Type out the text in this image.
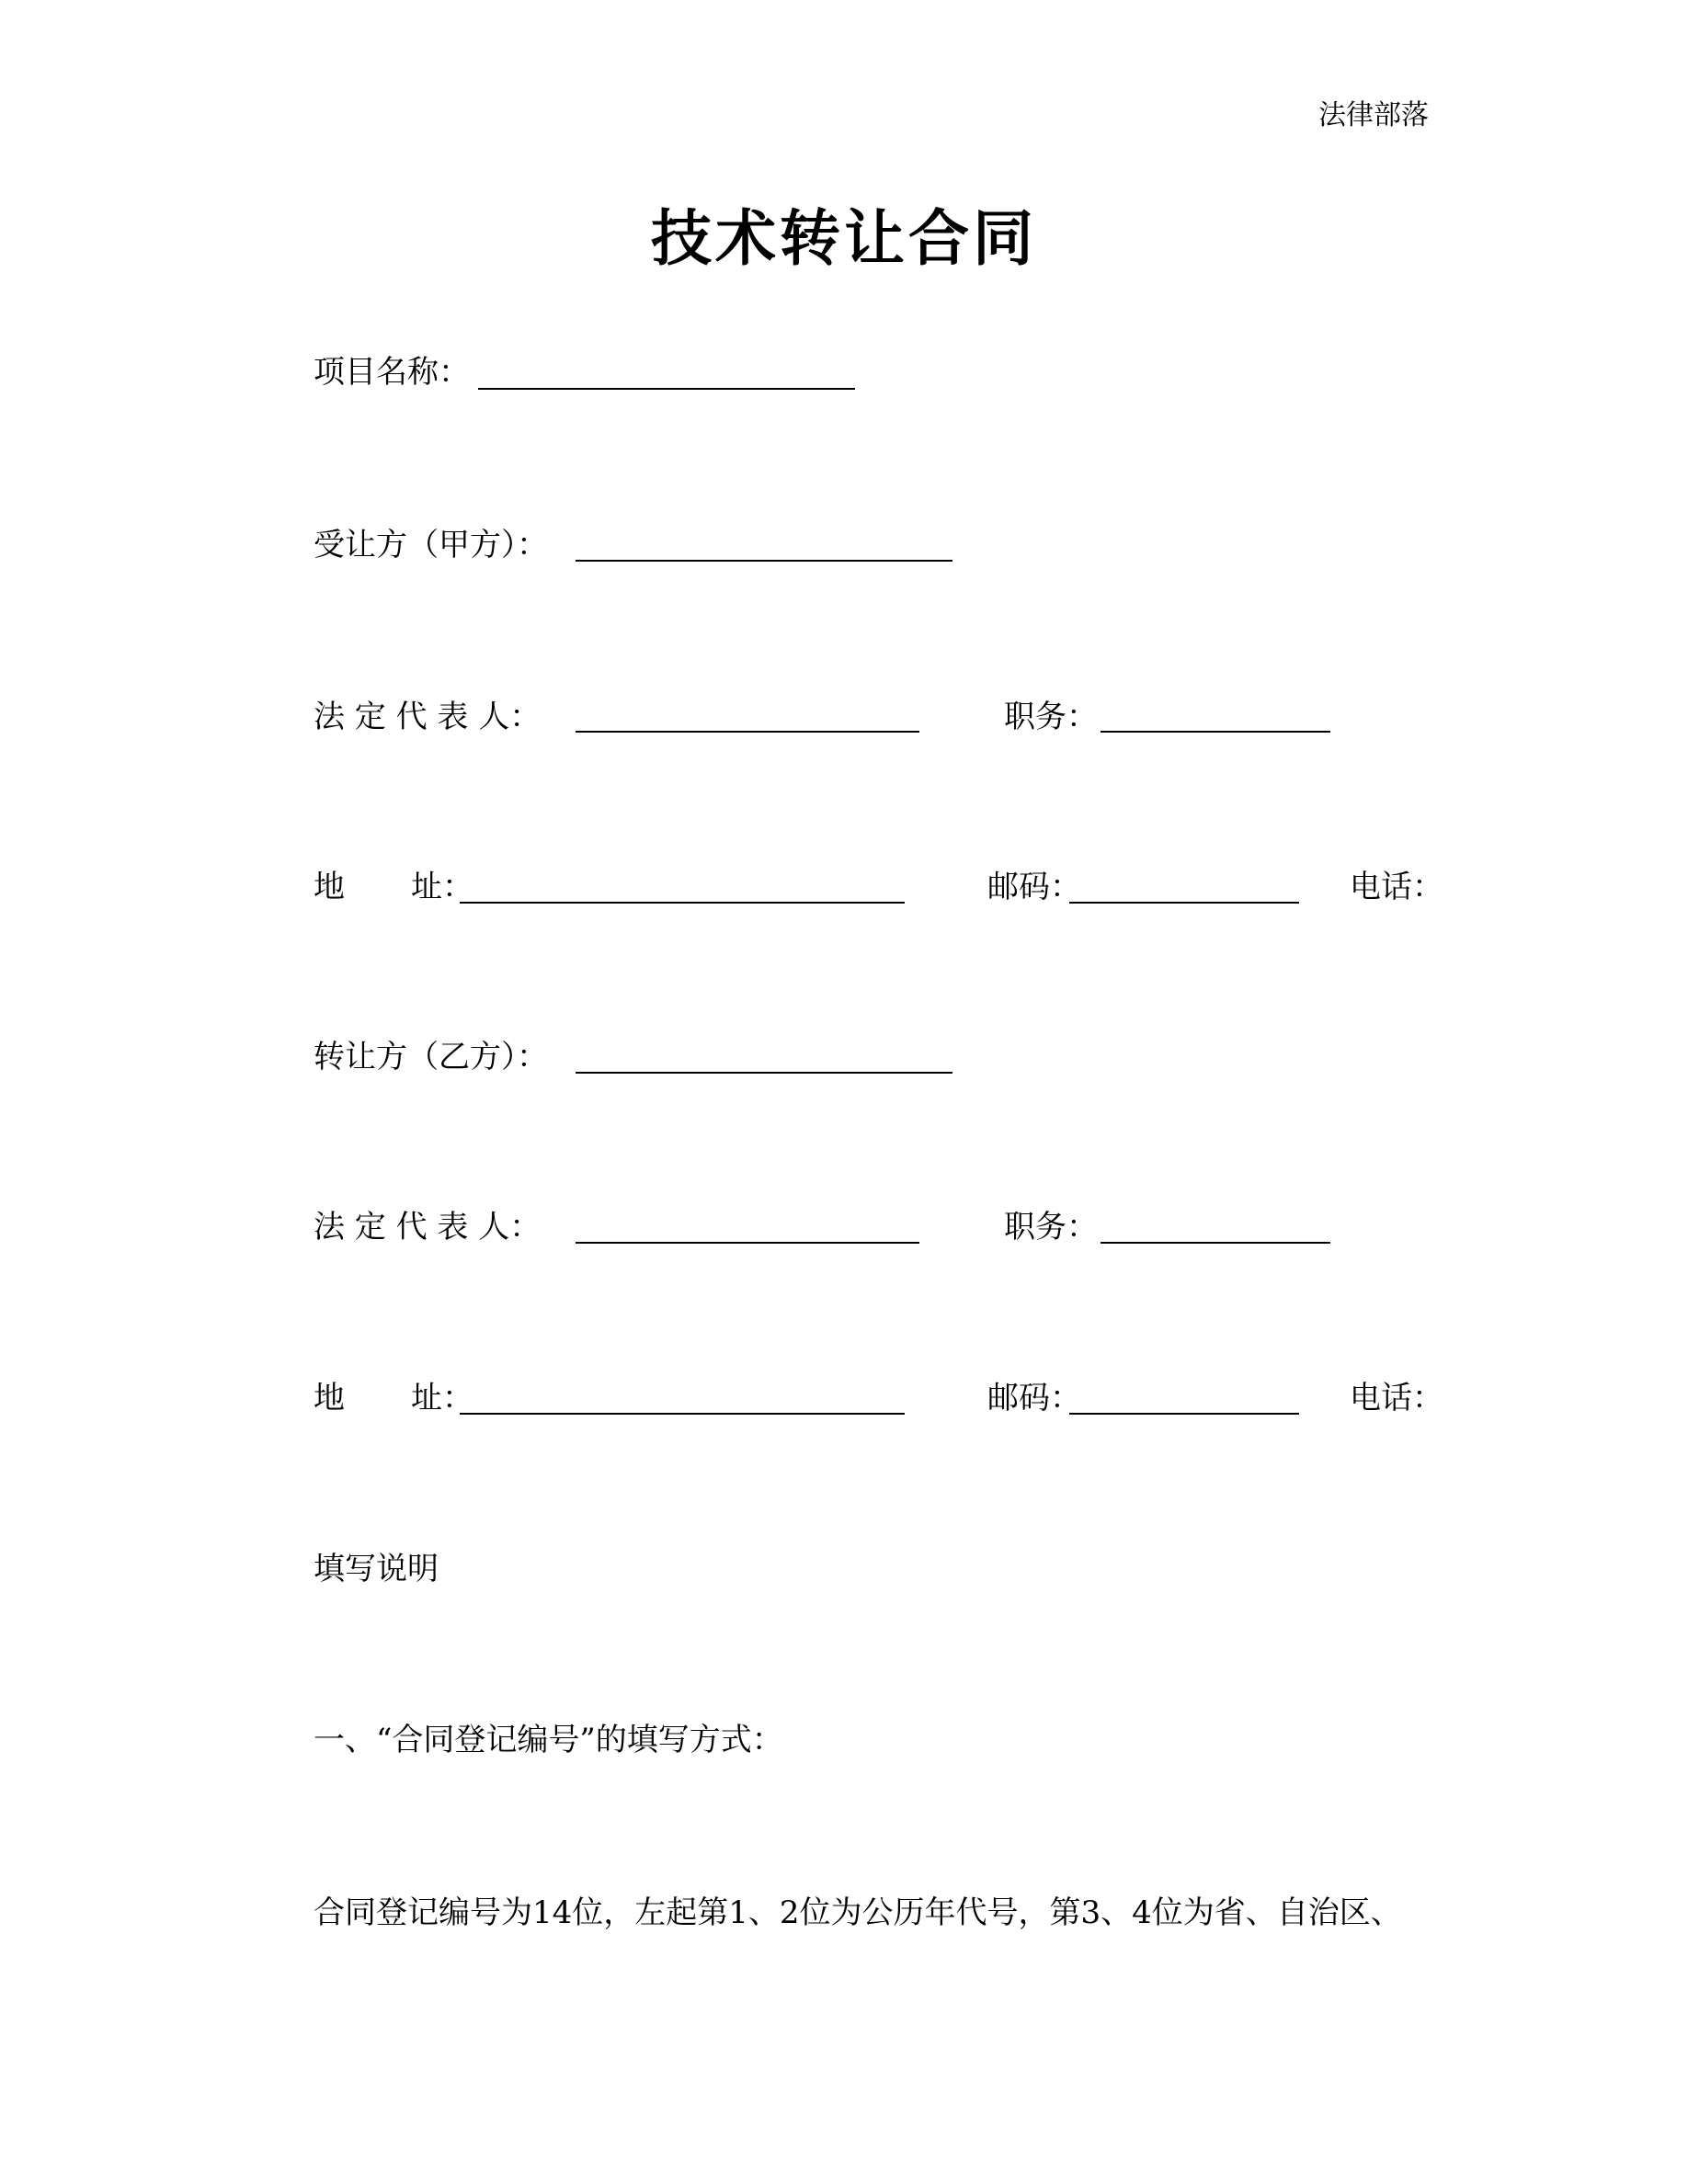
法律部落
技术转让合同
项目名称：
受让方（甲方）：
法 定 代 表 人：	职务：
地 址：	邮码：	电话：
转让方（乙方）：
法 定 代 表 人：	职务：
地 址：	邮码：	电话：
填写说明
一、“合同登记编号”的填写方式：
合同登记编号为14位，左起第1、2位为公历年代号，第3、4位为省、自治区、
